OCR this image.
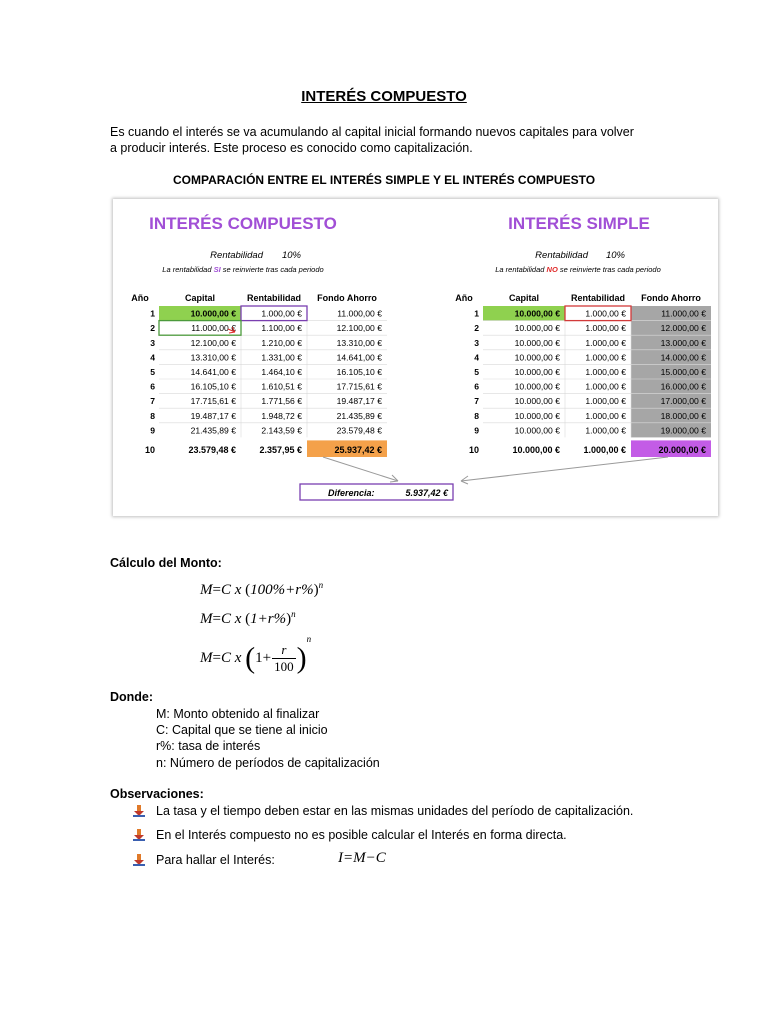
INTERÉS COMPUESTO
Es cuando el interés se va acumulando al capital inicial formando nuevos capitales para volver
a producir interés. Este proceso es conocido como capitalización.
COMPARACIÓN ENTRE EL INTERÉS SIMPLE Y EL INTERÉS COMPUESTO
INTERÉS COMPUESTO	INTERÉS SIMPLE
Rentabilidad 10%	Rentabilidad 10%
La rentabilidad SI se reinvierte tras cada periodo	La rentabilidad NO se reinvierte tras cada periodo
Año	Capital	Rentabilidad Fondo Ahorro
1	10.000,00 €	1.000,00 €	11.000,00 €
2	11.000,00 €	1.100,00 €	12.100,00 €
3	12.100,00 €	1.210,00 €	13.310,00 €
4	13.310,00 €	1.331,00 €	14.641,00 €
5	14.641,00 €	1.464,10 €	16.105,10 €
6	16.105,10 €	1.610,51 €	17.715,61 €
7	17.715,61 €	1.771,56 €	19.487,17 €
8	19.487,17 €	1.948,72 €	21.435,89 €
9	21.435,89 €	2.143,59 €	23.579,48 €
10	23.579,48 €	2.357,95 €	25.937,42 €
Año	Capital	Rentabilidad Fondo Ahorro
1	10.000,00 €	1.000,00 €	11.000,00 €
2	10.000,00 €	1.000,00 €	12.000,00 €
3	10.000,00 €	1.000,00 €	13.000,00 €
4	10.000,00 €	1.000,00 €	14.000,00 €
5	10.000,00 €	1.000,00 €	15.000,00 €
6	10.000,00 €	1.000,00 €	16.000,00 €
7	10.000,00 €	1.000,00 €	17.000,00 €
8	10.000,00 €	1.000,00 €	18.000,00 €
9	10.000,00 €	1.000,00 €	19.000,00 €
10	10.000,00 €	1.000,00 €	20.000,00 €
Diferencia:	5.937,42 €
Cálculo del Monto:
M=C x $(100\%+r\%)^n$
M=C x $(1+r\%)^n$
M=C x $(1+ \frac{r}{100} )^n$
Donde:
M: Monto obtenido al finalizar
C: Capital que se tiene al inicio
r%: tasa de interés
n: Número de períodos de capitalización
Observaciones:
La tasa y el tiempo deben estar en las mismas unidades del período de capitalización.
En el Interés compuesto no es posible calcular el Interés en forma directa.
Para hallar el Interés:	I=M−C
